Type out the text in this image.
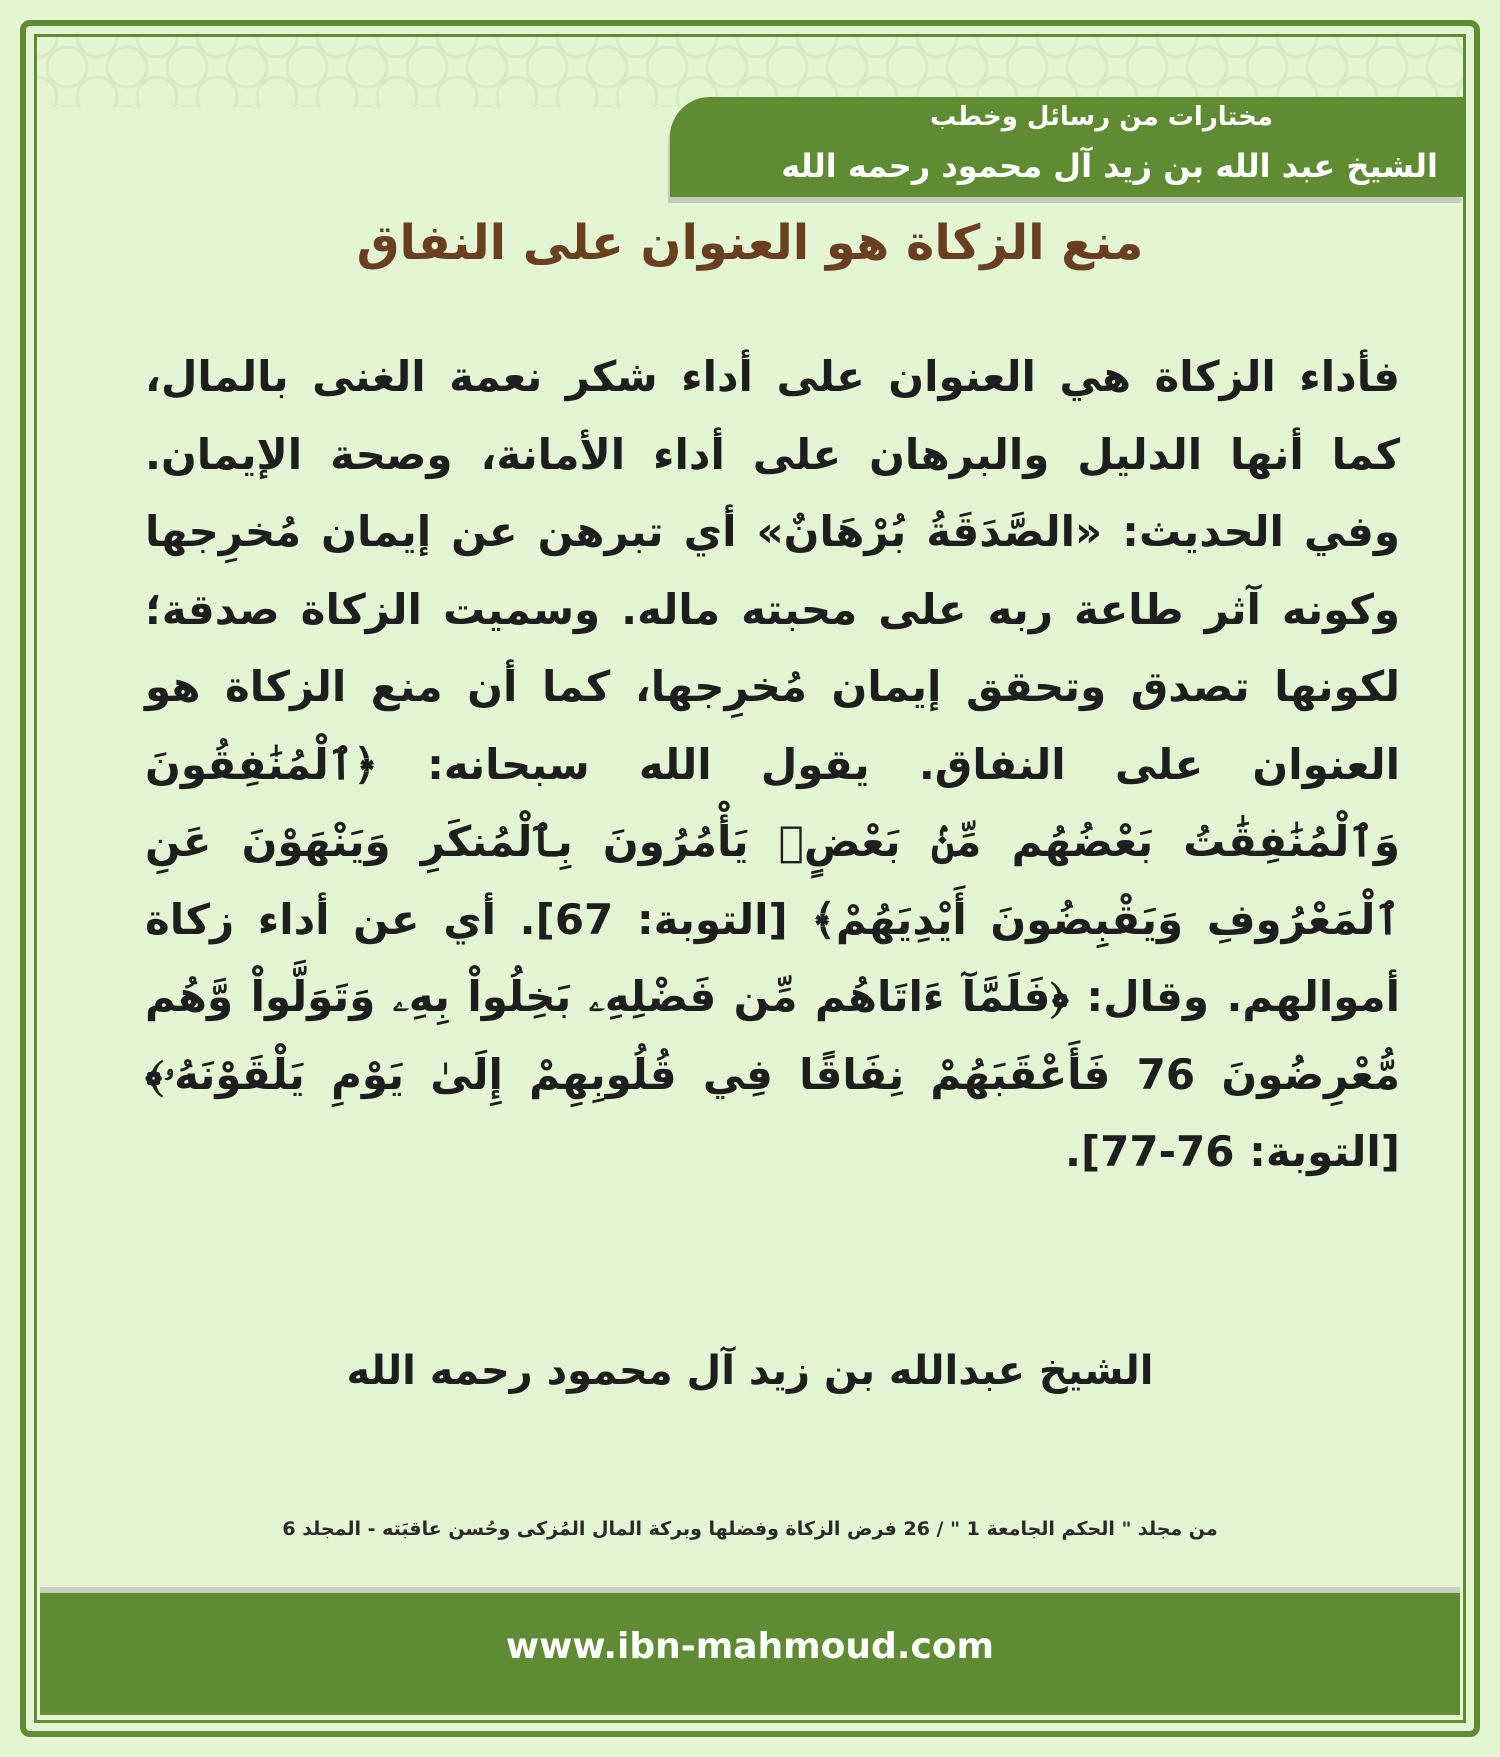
مختارات من رسائل وخطب
الشيخ عبد الله بن زيد آل محمود رحمه الله
منع الزكاة هو العنوان على النفاق
فأداء الزكاة هي العنوان على أداء شكر نعمة الغنى بالمال، كما أنها الدليل والبرهان على أداء الأمانة، وصحة الإيمان. وفي الحديث: «الصَّدَقَةُ بُرْهَانٌ» أي تبرهن عن إيمان مُخرِجها وكونه آثر طاعة ربه على محبته ماله. وسميت الزكاة صدقة؛ لكونها تصدق وتحقق إيمان مُخرِجها، كما أن منع الزكاة هو العنوان على النفاق. يقول الله سبحانه: ﴿ٱلْمُنَٰفِقُونَ وَٱلْمُنَٰفِقَٰتُ بَعْضُهُم مِّنۢ بَعْضٍۚ يَأْمُرُونَ بِٱلْمُنكَرِ وَيَنْهَوْنَ عَنِ ٱلْمَعْرُوفِ وَيَقْبِضُونَ أَيْدِيَهُمْ﴾ [التوبة: 67]. أي عن أداء زكاة أموالهم. وقال: ﴿فَلَمَّآ ءَاتَاهُم مِّن فَضْلِهِۦ بَخِلُواْ بِهِۦ وَتَوَلَّواْ وَّهُم مُّعْرِضُونَ 76 فَأَعْقَبَهُمْ نِفَاقًا فِي قُلُوبِهِمْ إِلَىٰ يَوْمِ يَلْقَوْنَهُۥ﴾ [التوبة: 76-77].
الشيخ عبدالله بن زيد آل محمود رحمه الله
من مجلد " الحكم الجامعة 1 " / 26 فرض الزكاة وفضلها وبركة المال المُزكى وحُسن عاقبَته - المجلد 6
www.ibn-mahmoud.com
